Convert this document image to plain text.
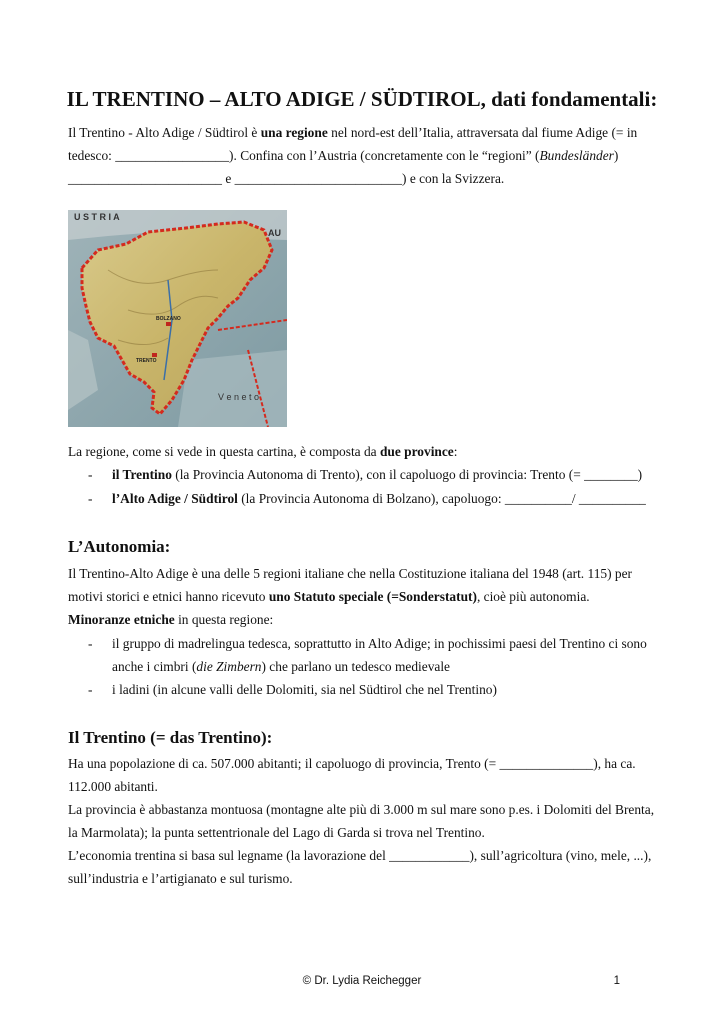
IL TRENTINO – ALTO ADIGE / SÜDTIROL, dati fondamentali:
Il Trentino - Alto Adige / Südtirol è una regione nel nord-est dell’Italia, attraversata dal fiume Adige (= in
tedesco: _________________). Confina con l’Austria (concretamente con le “regioni” (Bundesländer)
_______________________ e _________________________) e con la Svizzera.
U S T R I A
AU
BOLZANO
TRENTO
V e n e t o
La regione, come si vede in questa cartina, è composta da due province:
- il Trentino (la Provincia Autonoma di Trento), con il capoluogo di provincia: Trento (= ________)
- l’Alto Adige / Südtirol (la Provincia Autonoma di Bolzano), capoluogo: __________/ __________
L’Autonomia:
Il Trentino-Alto Adige è una delle 5 regioni italiane che nella Costituzione italiana del 1948 (art. 115) per
motivi storici e etnici hanno ricevuto uno Statuto speciale (=Sonderstatut), cioè più autonomia.
Minoranze etniche in questa regione:
- il gruppo di madrelingua tedesca, soprattutto in Alto Adige; in pochissimi paesi del Trentino ci sono
anche i cimbri (die Zimbern) che parlano un tedesco medievale
- i ladini (in alcune valli delle Dolomiti, sia nel Südtirol che nel Trentino)
Il Trentino (= das Trentino):
Ha una popolazione di ca. 507.000 abitanti; il capoluogo di provincia, Trento (= ______________), ha ca.
112.000 abitanti.
La provincia è abbastanza montuosa (montagne alte più di 3.000 m sul mare sono p.es. i Dolomiti del Brenta,
la Marmolata); la punta settentrionale del Lago di Garda si trova nel Trentino.
L’economia trentina si basa sul legname (la lavorazione del ____________), sull’agricoltura (vino, mele, ...),
sull’industria e l’artigianato e sul turismo.
© Dr. Lydia Reichegger	1
